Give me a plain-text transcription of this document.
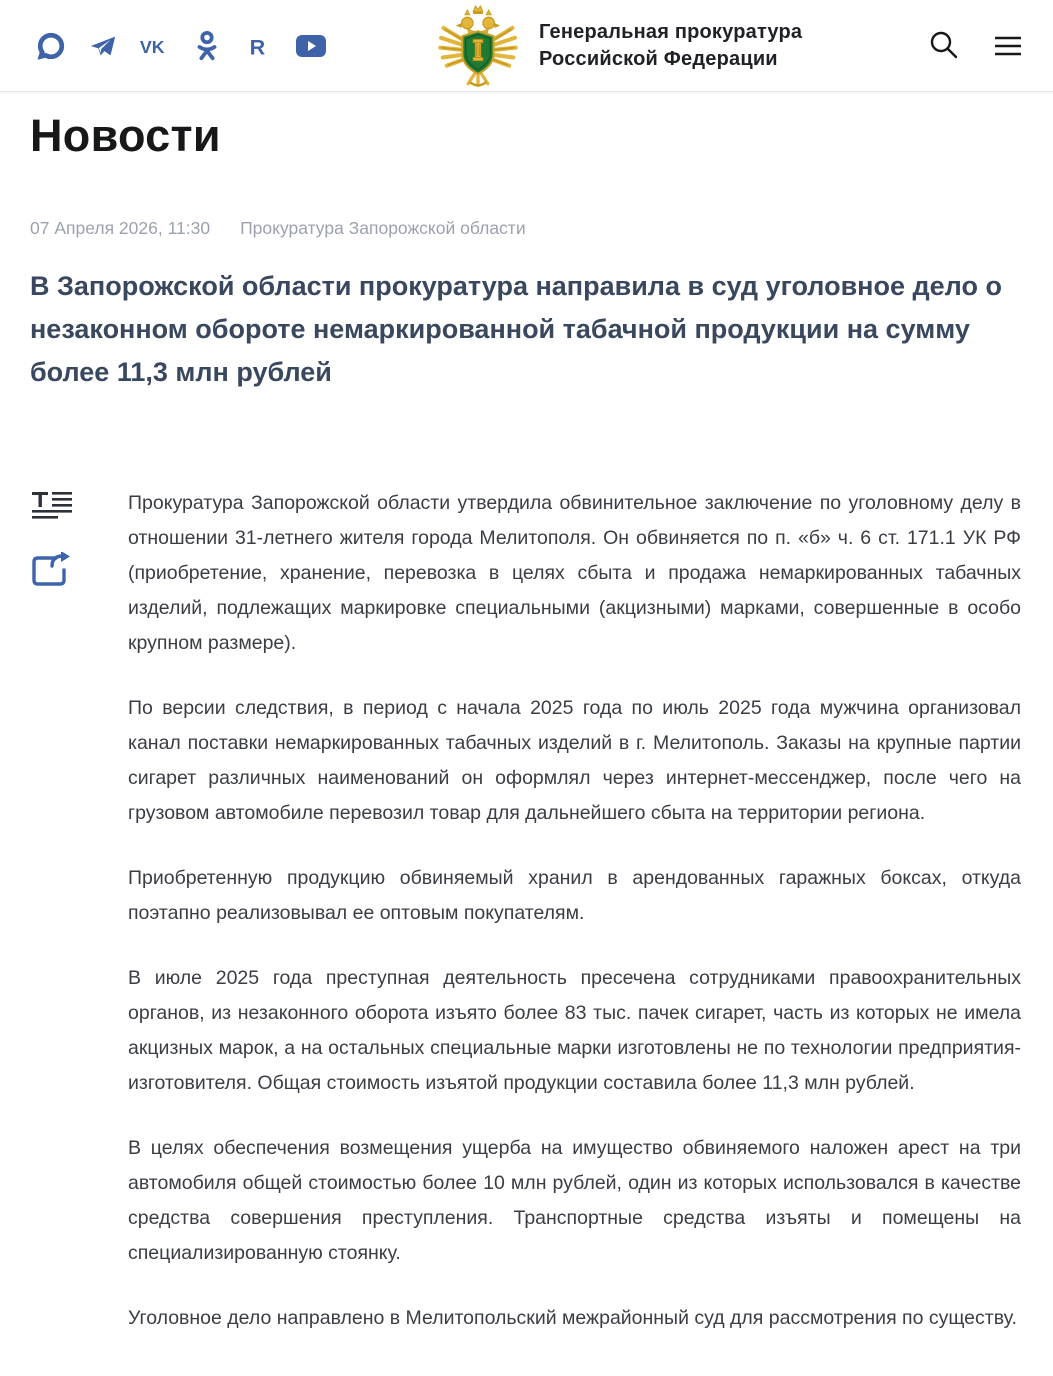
VK	R
Генеральная прокуратура
Российской Федерации
Новости
07 Апреля 2026, 11:30 Прокуратура Запорожской области
В Запорожской области прокуратура направила в суд уголовное дело о незаконном обороте немаркированной табачной продукции на сумму более 11,3 млн рублей

Прокуратура Запорожской области утвердила обвинительное заключение по уголовному делу в отношении 31-летнего жителя города Мелитополя. Он обвиняется по п. «б» ч. 6 ст. 171.1 УК РФ (приобретение, хранение, перевозка в целях сбыта и продажа немаркированных табачных изделий, подлежащих маркировке специальными (акцизными) марками, совершенные в особо крупном размере).

По версии следствия, в период с начала 2025 года по июль 2025 года мужчина организовал канал поставки немаркированных табачных изделий в г. Мелитополь. Заказы на крупные партии сигарет различных наименований он оформлял через интернет-мессенджер, после чего на грузовом автомобиле перевозил товар для дальнейшего сбыта на территории региона.

Приобретенную продукцию обвиняемый хранил в арендованных гаражных боксах, откуда поэтапно реализовывал ее оптовым покупателям.

В июле 2025 года преступная деятельность пресечена сотрудниками правоохранительных органов, из незаконного оборота изъято более 83 тыс. пачек сигарет, часть из которых не имела акцизных марок, а на остальных специальные марки изготовлены не по технологии предприятия-изготовителя. Общая стоимость изъятой продукции составила более 11,3 млн рублей.

В целях обеспечения возмещения ущерба на имущество обвиняемого наложен арест на три автомобиля общей стоимостью более 10 млн рублей, один из которых использовался в качестве средства совершения преступления. Транспортные средства изъяты и помещены на специализированную стоянку.

Уголовное дело направлено в Мелитопольский межрайонный суд для рассмотрения по существу.
